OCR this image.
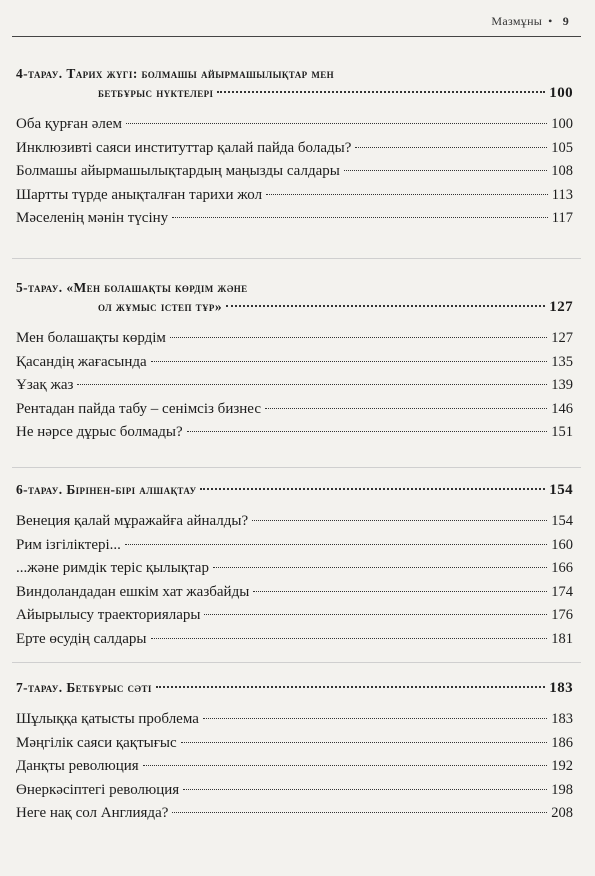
Мазмұны • 9
4-тарау. Тарих жүгі: болмашы айырмашылықтар мен
бетбұрыс нүктелері	100
Оба қурған әлем	100
Инклюзивті саяси институттар қалай пайда болады?	105
Болмашы айырмашылықтардың маңызды салдары	108
Шартты түрде анықталған тарихи жол	113
Мәселенің мәнін түсіну	117
5-тарау. «Мен болашақты көрдім және
ол жұмыс істеп тұр»	127
Мен болашақты көрдім	127
Қасандің жағасында	135
Ұзақ жаз	139
Рентадан пайда табу – сенімсіз бизнес	146
Не нәрсе дұрыс болмады?	151
6-тарау.
Бірінен-бірі алшақтау	154
Венеция қалай мұражайға айналды?	154
Рим ізгіліктері...	160
...және римдік теріс қылықтар	166
Виндоландадан ешкім хат жазбайды	174
Айырылысу траекториялары	176
Ерте өсудің салдары	181
7-тарау.
Бетбұрыс сәті	183
Шұлыққа қатысты проблема	183
Мәңгілік саяси қақтығыс	186
Данқты революция	192
Өнеркәсіптегі революция	198
Неге нақ сол Англияда?	208
